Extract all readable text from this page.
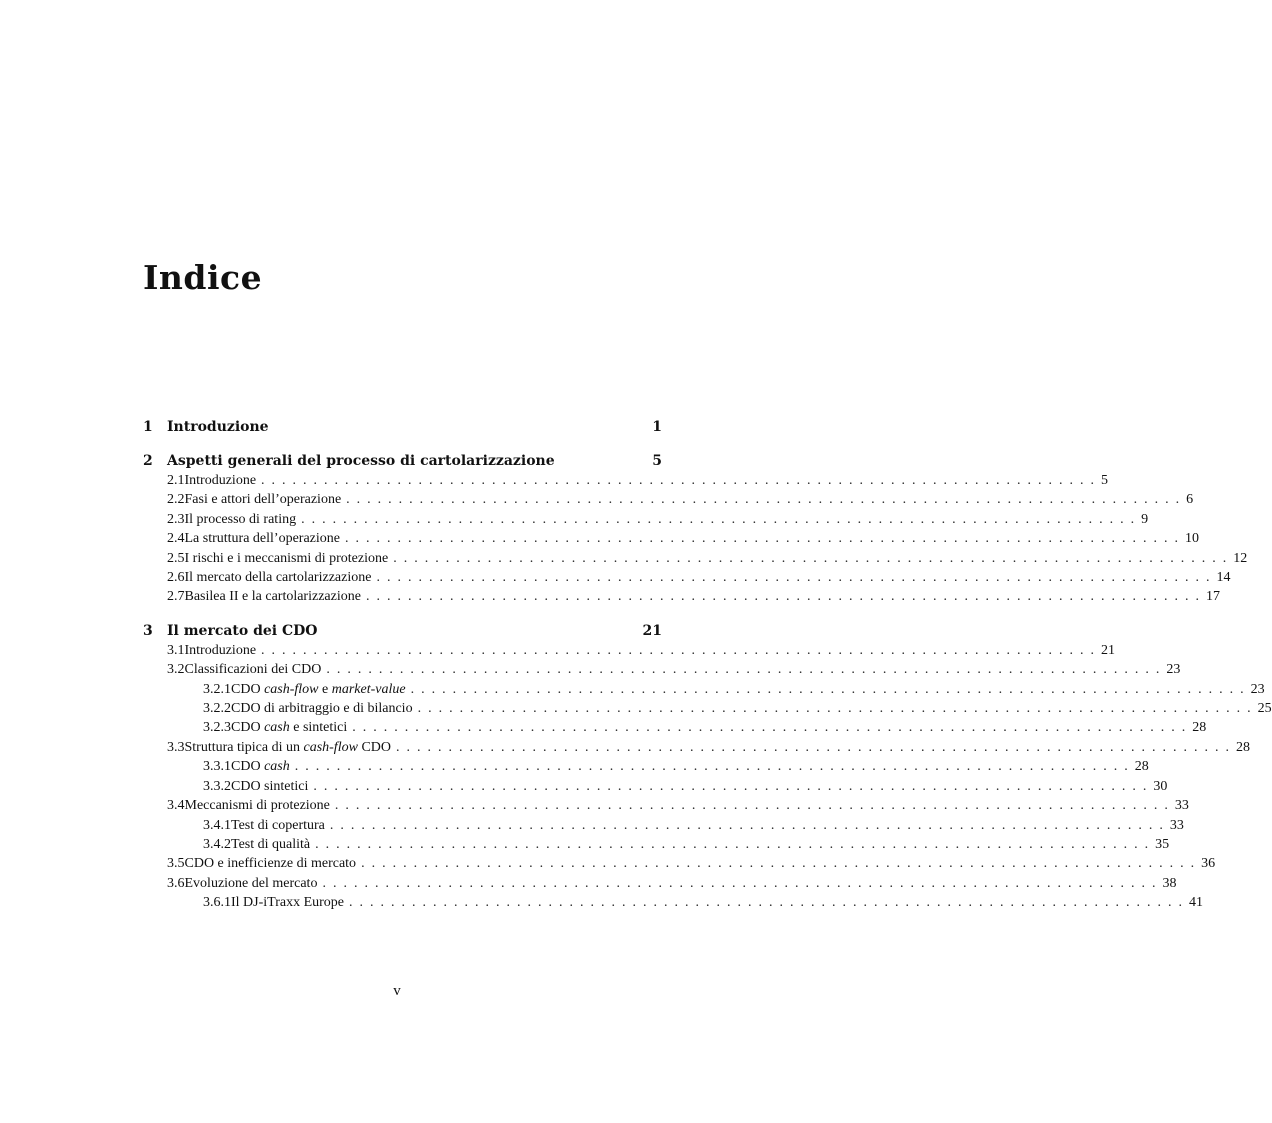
Indice
1	Introduzione	1
2	Aspetti generali del processo di cartolarizzazione	5
2.1 Introduzione ................................................................................ 5
2.2 Fasi e attori dell’operazione ................................................................................ 6
2.3 Il processo di rating ................................................................................ 9
2.4 La struttura dell’operazione ................................................................................ 10
2.5 I rischi e i meccanismi di protezione ................................................................................ 12
2.6 Il mercato della cartolarizzazione ................................................................................ 14
2.7 Basilea II e la cartolarizzazione ................................................................................ 17
3	Il mercato dei CDO	21
3.1 Introduzione ................................................................................ 21
3.2 Classificazioni dei CDO ................................................................................ 23
3.2.1 CDO cash-flow e market-value ................................................................................ 23
3.2.2 CDO di arbitraggio e di bilancio ................................................................................ 25
3.2.3 CDO cash e sintetici ................................................................................ 28
3.3 Struttura tipica di un cash-flow CDO ................................................................................ 28
3.3.1 CDO cash ................................................................................ 28
3.3.2 CDO sintetici ................................................................................ 30
3.4 Meccanismi di protezione ................................................................................ 33
3.4.1 Test di copertura ................................................................................ 33
3.4.2 Test di qualità ................................................................................ 35
3.5 CDO e inefficienze di mercato ................................................................................ 36
3.6 Evoluzione del mercato ................................................................................ 38
3.6.1 Il DJ-iTraxx Europe ................................................................................ 41
v
